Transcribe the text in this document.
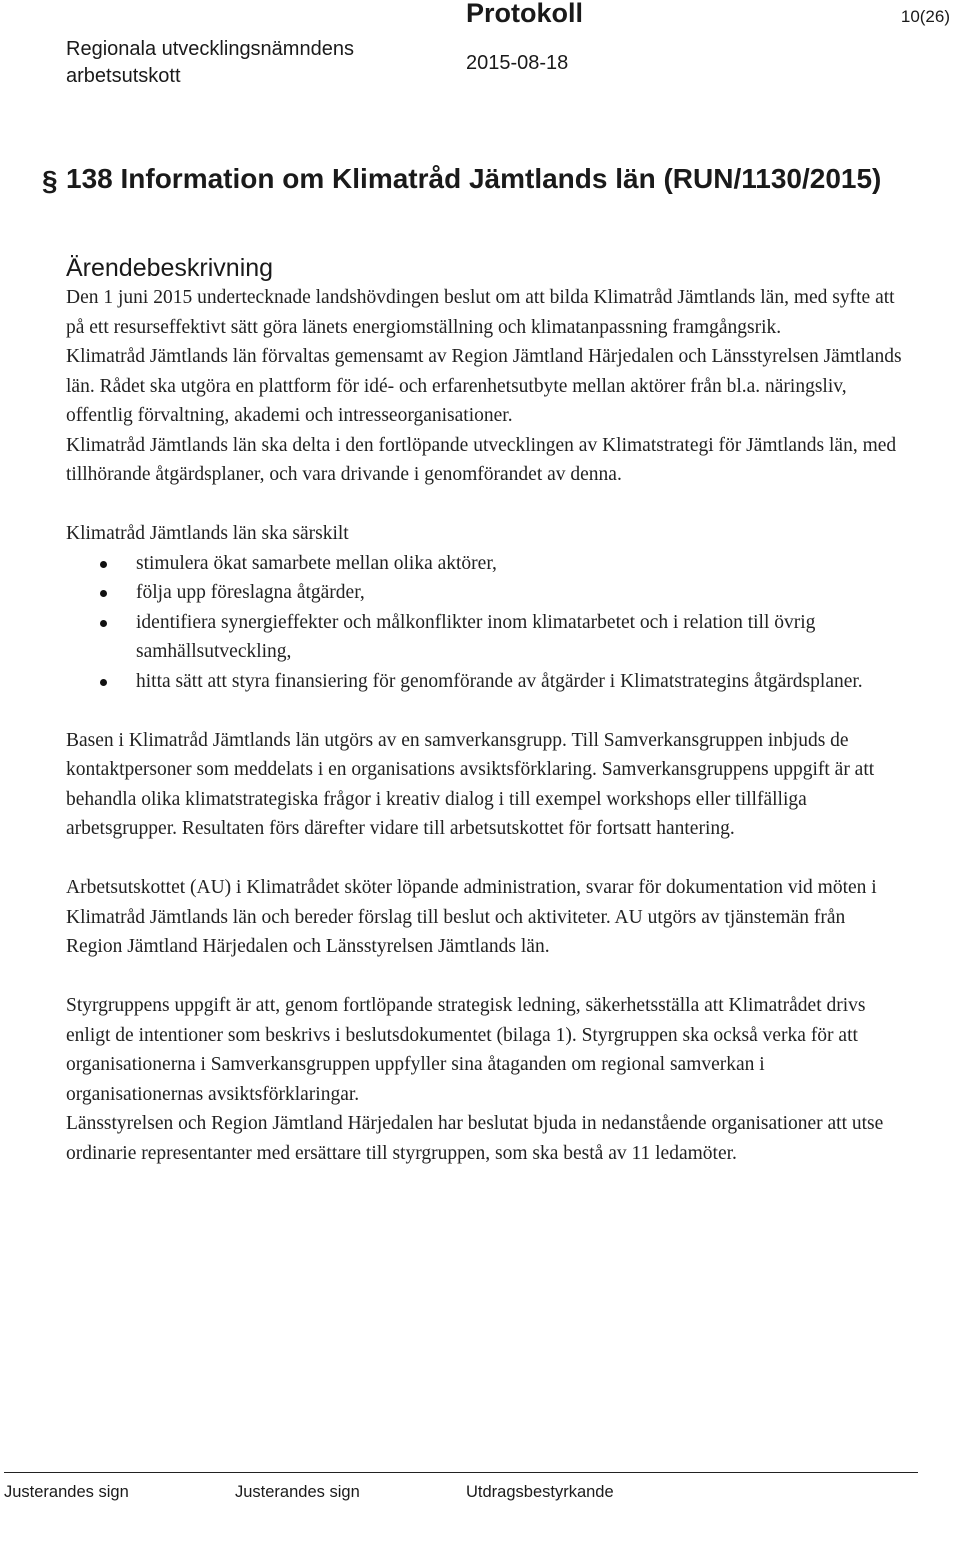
Regionala utvecklingsnämndens arbetsutskott
Protokoll
2015-08-18
10(26)
§ 138 Information om Klimatråd Jämtlands län (RUN/1130/2015)
Ärendebeskrivning

Den 1 juni 2015 undertecknade landshövdingen beslut om att bilda Klimatråd Jämtlands län, med syfte att på ett resurseffektivt sätt göra länets energiomställning och klimatanpassning framgångsrik.

Klimatråd Jämtlands län förvaltas gemensamt av Region Jämtland Härjedalen och Länsstyrelsen Jämtlands län. Rådet ska utgöra en plattform för idé- och erfarenhetsutbyte mellan aktörer från bl.a. näringsliv, offentlig förvaltning, akademi och intresseorganisationer.

Klimatråd Jämtlands län ska delta i den fortlöpande utvecklingen av Klimatstrategi för Jämtlands län, med tillhörande åtgärdsplaner, och vara drivande i genomförandet av denna.

Klimatråd Jämtlands län ska särskilt

stimulera ökat samarbete mellan olika aktörer,
följa upp föreslagna åtgärder,
identifiera synergieffekter och målkonflikter inom klimatarbetet och i relation till övrig samhällsutveckling,
hitta sätt att styra finansiering för genomförande av åtgärder i Klimatstrategins åtgärdsplaner.

Basen i Klimatråd Jämtlands län utgörs av en samverkansgrupp. Till Samverkansgruppen inbjuds de kontaktpersoner som meddelats i en organisations avsiktsförklaring. Samverkansgruppens uppgift är att behandla olika klimatstrategiska frågor i kreativ dialog i till exempel workshops eller tillfälliga arbetsgrupper. Resultaten förs därefter vidare till arbetsutskottet för fortsatt hantering.

Arbetsutskottet (AU) i Klimatrådet sköter löpande administration, svarar för dokumentation vid möten i Klimatråd Jämtlands län och bereder förslag till beslut och aktiviteter. AU utgörs av tjänstemän från Region Jämtland Härjedalen och Länsstyrelsen Jämtlands län.

Styrgruppens uppgift är att, genom fortlöpande strategisk ledning, säkerhetsställa att Klimatrådet drivs enligt de intentioner som beskrivs i beslutsdokumentet (bilaga 1). Styrgruppen ska också verka för att organisationerna i Samverkansgruppen uppfyller sina åtaganden om regional samverkan i organisationernas avsiktsförklaringar.

Länsstyrelsen och Region Jämtland Härjedalen har beslutat bjuda in nedanstående organisationer att utse ordinarie representanter med ersättare till styrgruppen, som ska bestå av 11 ledamöter.

Justerandes sign	Justerandes sign	Utdragsbestyrkande
